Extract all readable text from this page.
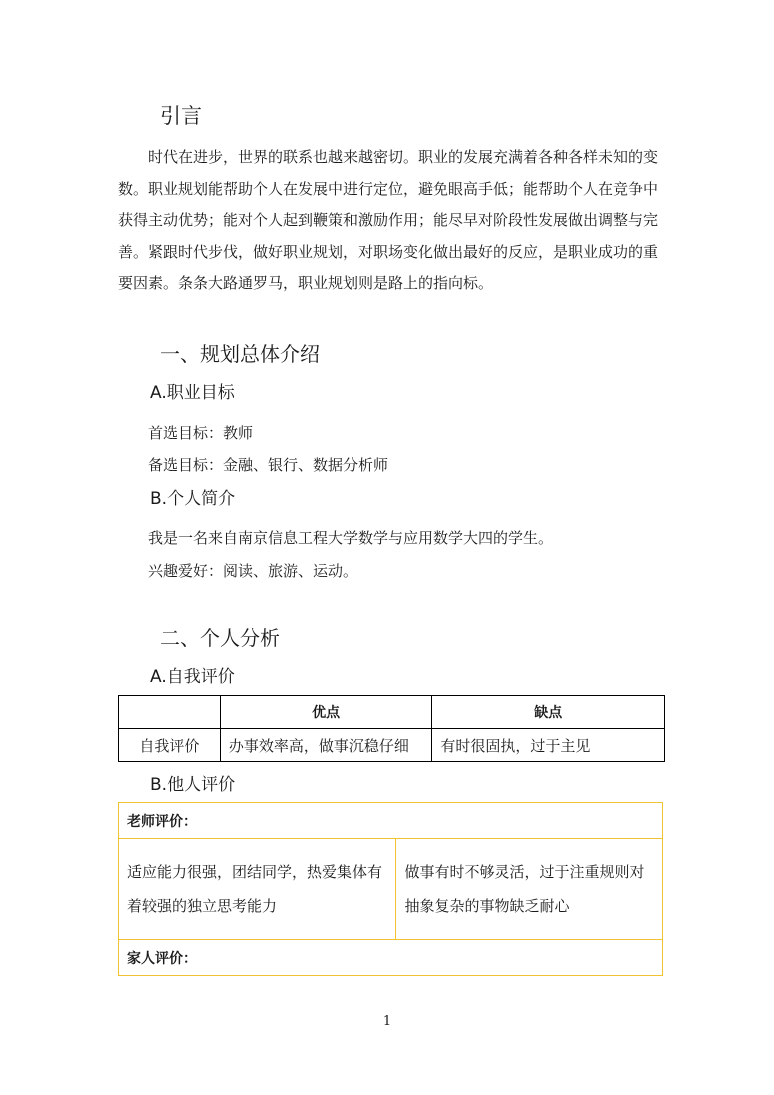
引言
时代在进步，世界的联系也越来越密切。职业的发展充满着各种各样未知的变数。职业规划能帮助个人在发展中进行定位，避免眼高手低；能帮助个人在竞争中获得主动优势；能对个人起到鞭策和激励作用；能尽早对阶段性发展做出调整与完善。紧跟时代步伐，做好职业规划，对职场变化做出最好的反应，是职业成功的重要因素。条条大路通罗马，职业规划则是路上的指向标。
一、规划总体介绍
A.职业目标
首选目标：教师
备选目标：金融、银行、数据分析师
B.个人简介
我是一名来自南京信息工程大学数学与应用数学大四的学生。
兴趣爱好：阅读、旅游、运动。
二、个人分析
A.自我评价
	优点	缺点
自我评价	办事效率高，做事沉稳仔细	有时很固执，过于主见
B.他人评价
老师评价：
适应能力很强，团结同学，热爱集体有着较强的独立思考能力	做事有时不够灵活，过于注重规则对抽象复杂的事物缺乏耐心
家人评价：
1
